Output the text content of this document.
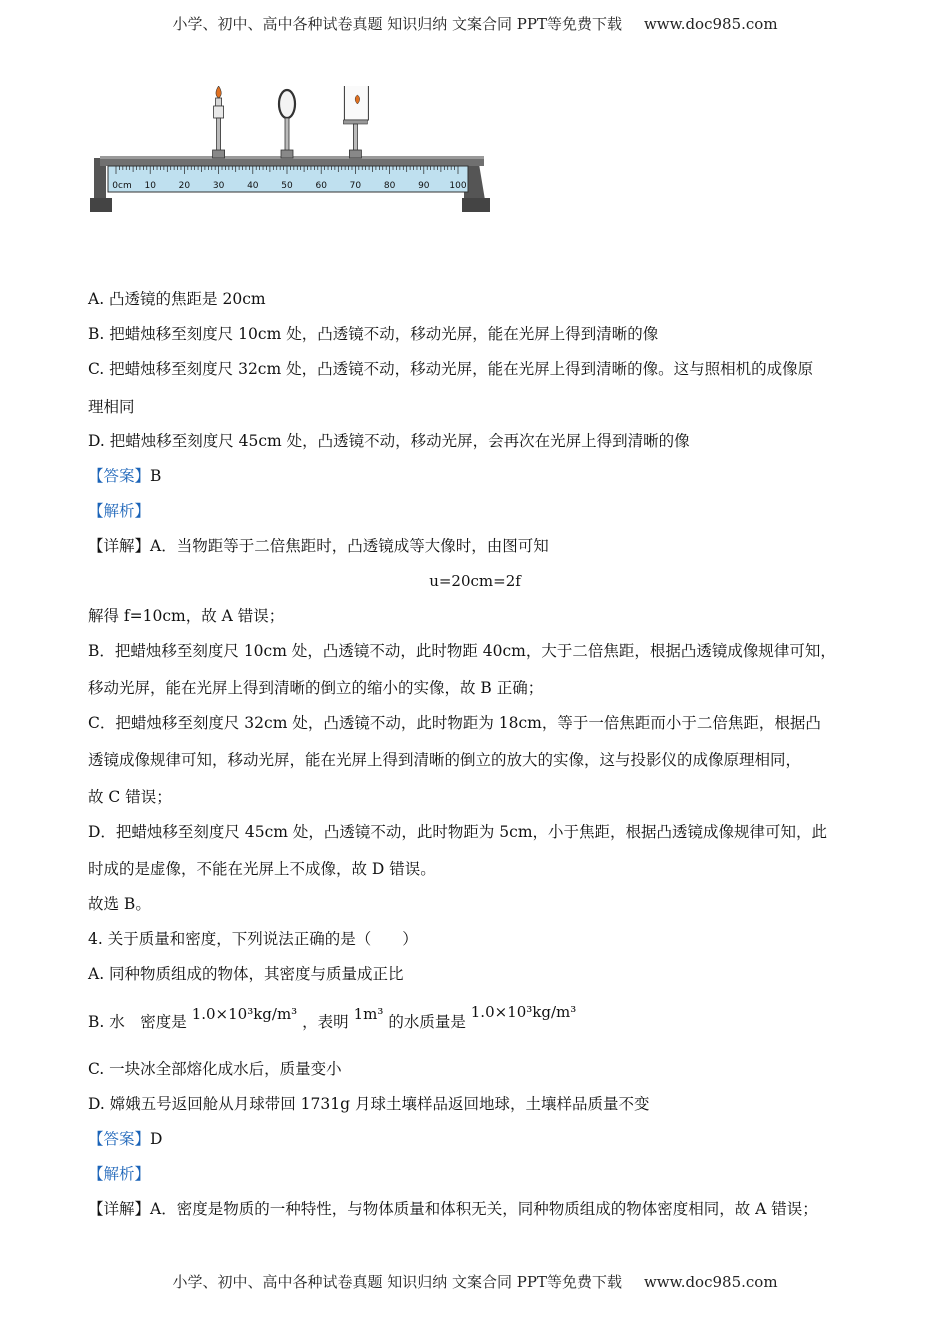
小学、初中、高中各种试卷真题 知识归纳 文案合同 PPT等免费下载 www.doc985.com
0cm 10	20	30	40	50	60	70	80	90 100
A. 凸透镜的焦距是 20cm
B. 把蜡烛移至刻度尺 10cm 处，凸透镜不动，移动光屏，能在光屏上得到清晰的像
C. 把蜡烛移至刻度尺 32cm 处，凸透镜不动，移动光屏，能在光屏上得到清晰的像。这与照相机的成像原
理相同
D. 把蜡烛移至刻度尺 45cm 处，凸透镜不动，移动光屏，会再次在光屏上得到清晰的像
【答案】B
【解析】
【详解】A．当物距等于二倍焦距时，凸透镜成等大像时，由图可知
u=20cm=2f
解得 f=10cm，故 A 错误；
B．把蜡烛移至刻度尺 10cm 处，凸透镜不动，此时物距 40cm，大于二倍焦距，根据凸透镜成像规律可知，
移动光屏，能在光屏上得到清晰的倒立的缩小的实像，故 B 正确；
C．把蜡烛移至刻度尺 32cm 处，凸透镜不动，此时物距为 18cm，等于一倍焦距而小于二倍焦距，根据凸
透镜成像规律可知，移动光屏，能在光屏上得到清晰的倒立的放大的实像，这与投影仪的成像原理相同，
故 C 错误；
D．把蜡烛移至刻度尺 45cm 处，凸透镜不动，此时物距为 5cm，小于焦距，根据凸透镜成像规律可知，此
时成的是虚像，不能在光屏上不成像，故 D 错误。
故选 B。
4. 关于质量和密度，下列说法正确的是（　　）
A. 同种物质组成的物体，其密度与质量成正比
B. 水　密度是 1.0×10³kg/m³ ，表明 1m³ 的水质量是 1.0×10³kg/m³
C. 一块冰全部熔化成水后，质量变小
D. 嫦娥五号返回舱从月球带回 1731g 月球土壤样品返回地球，土壤样品质量不变
【答案】D
【解析】
【详解】A．密度是物质的一种特性，与物体质量和体积无关，同种物质组成的物体密度相同，故 A 错误；
小学、初中、高中各种试卷真题 知识归纳 文案合同 PPT等免费下载 www.doc985.com
